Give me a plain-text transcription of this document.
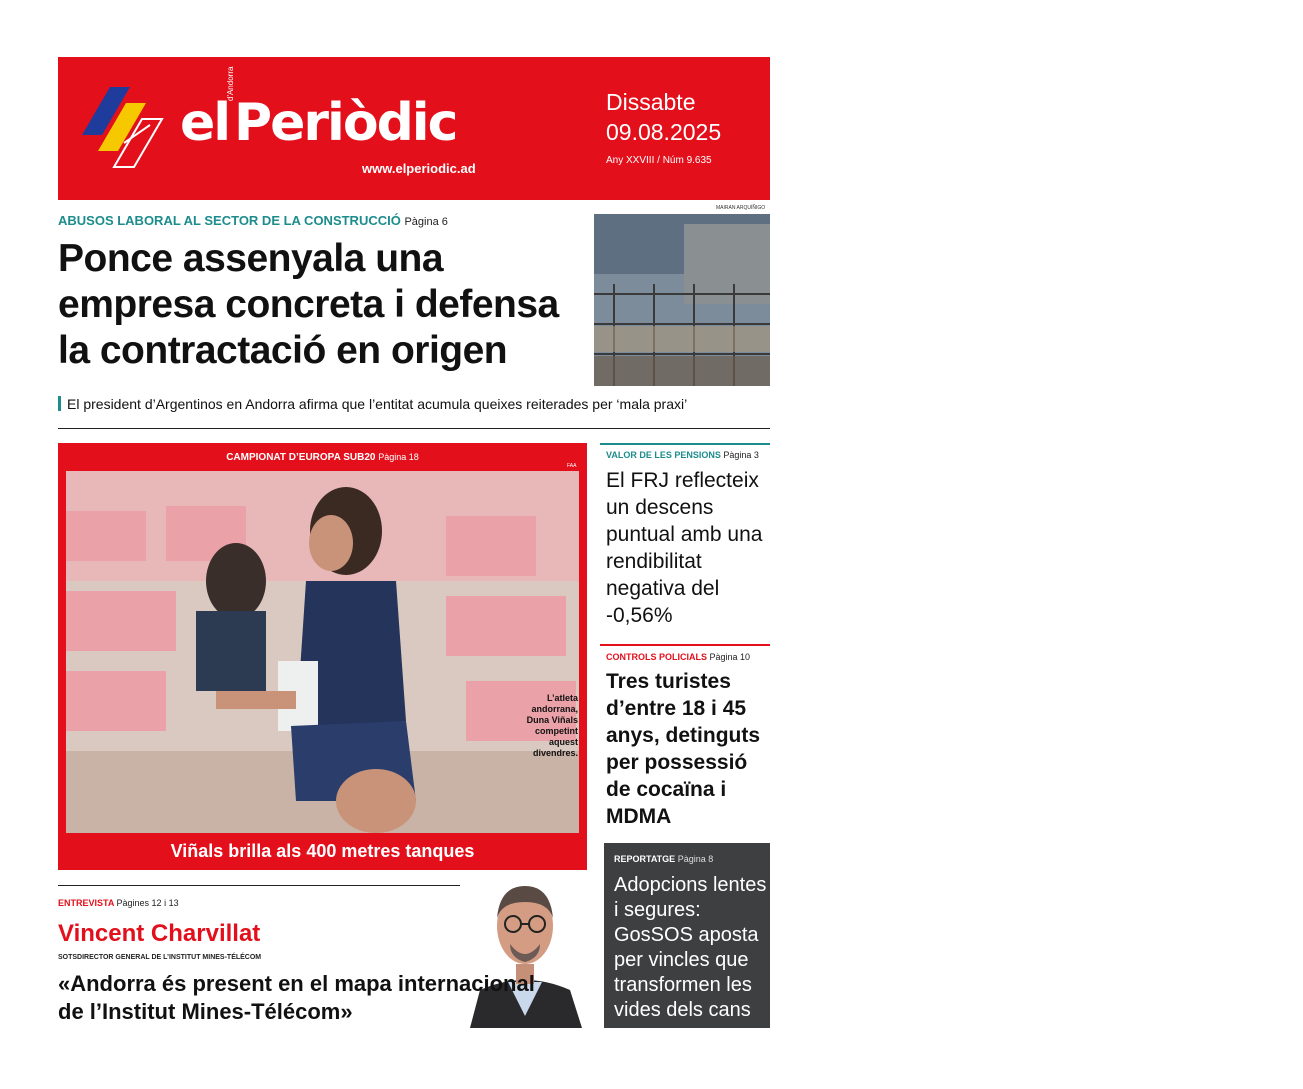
el
d'Andorra
Periòdic
www.elperiodic.ad
Dissabte
09.08.2025
Any XXVIII / Núm 9.635
ABUSOS LABORAL AL SECTOR DE LA CONSTRUCCIÓ Pàgina 6
Ponce assenyala una empresa concreta i defensa la contractació en origen
MAIRAN ARQUÍÑIGO
Un edifici en obres.
El president d’Argentinos en Andorra afirma que l’entitat acumula queixes reiterades per ‘mala praxi’
CAMPIONAT D’EUROPA SUB20 Pàgina 18
FAA
L’atleta andorrana, Duna Viñals competint aquest divendres.
Viñals brilla als 400 metres tanques
VALOR DE LES PENSIONS Pàgina 3
El FRJ reflecteix un descens puntual amb una rendibilitat negativa del -0,56%
CONTROLS POLICIALS Pàgina 10
Tres turistes d’entre 18 i 45 anys, detinguts per possessió de cocaïna i MDMA
REPORTATGE Pàgina 8
Adopcions lentes i segures: GosSOS aposta per vincles que transformen les vides dels cans
ENTREVISTA Pàgines 12 i 13
Vincent Charvillat
SOTSDIRECTOR GENERAL DE L’INSTITUT MINES-TÉLÉCOM
«Andorra és present en el mapa internacional de l’Institut Mines-Télécom»
